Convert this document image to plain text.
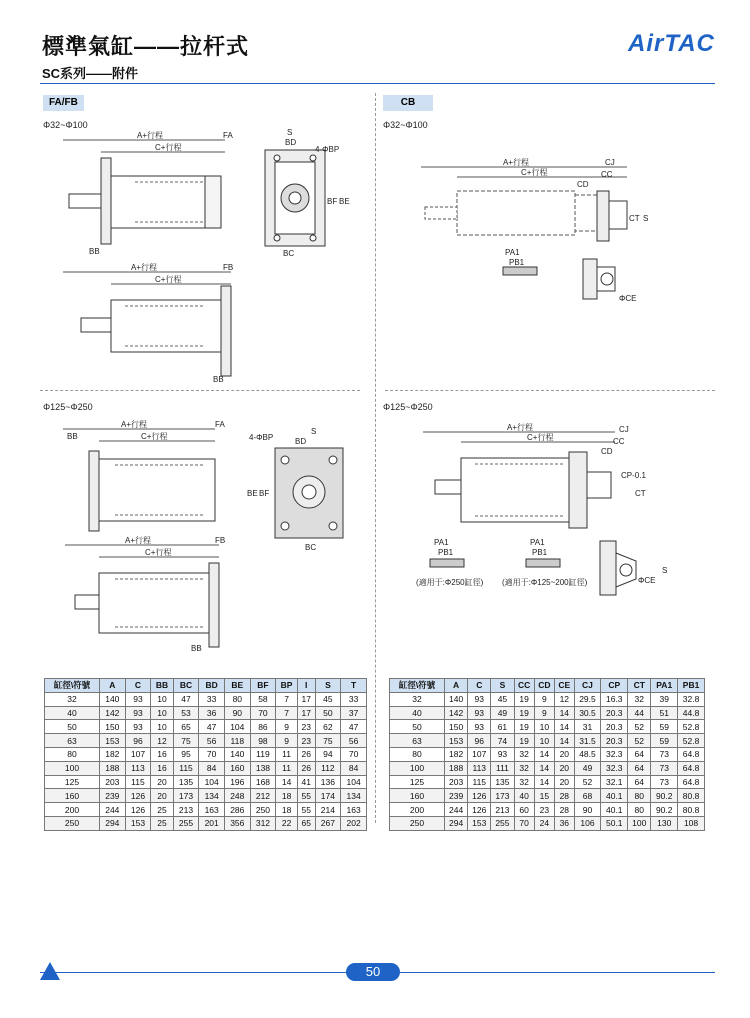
標準氣缸——拉杆式
SC系列——附件
AirTAC
FA/FB	CB
Φ32~Φ100	Φ32~Φ100
Φ125~Φ250	Φ125~Φ250
A+行程
C+行程
FA
BB
S
BD
4-ΦBP
BF BE
BC
A+行程
C+行程
FB
BB
A+行程
C+行程
CJ
CC
CD
CT S
PA1
PB1
ΦCE
BB
A+行程
C+行程
FA
4-ΦBP
S
BD
BE BF
BC
A+行程
C+行程
FB
BB
A+行程
C+行程
CJ
CC
CD
CP-0.1
CT
PA1
PB1
PA1
PB1
(適用于:Φ250缸徑) (適用于:Φ125~200缸徑)	ΦCE
S
缸徑\符號	A	C	BB	BC	BD	BE	BF	BP	I	S	T
32	140	93	10	47	33	80	58	7	17	45	33
40	142	93	10	53	36	90	70	7	17	50	37
50	150	93	10	65	47	104	86	9	23	62	47
63	153	96	12	75	56	118	98	9	23	75	56
80	182	107	16	95	70	140	119	11	26	94	70
100	188	113	16	115	84	160	138	11	26	112	84
125	203	115	20	135	104	196	168	14	41	136	104
160	239	126	20	173	134	248	212	18	55	174	134
200	244	126	25	213	163	286	250	18	55	214	163
250	294	153	25	255	201	356	312	22	65	267	202
缸徑\符號	A	C	S	CC	CD	CE	CJ	CP	CT	PA1	PB1
32	140	93	45	19	9	12	29.5	16.3	32	39	32.8
40	142	93	49	19	9	14	30.5	20.3	44	51	44.8
50	150	93	61	19	10	14	31	20.3	52	59	52.8
63	153	96	74	19	10	14	31.5	20.3	52	59	52.8
80	182	107	93	32	14	20	48.5	32.3	64	73	64.8
100	188	113	111	32	14	20	49	32.3	64	73	64.8
125	203	115	135	32	14	20	52	32.1	64	73	64.8
160	239	126	173	40	15	28	68	40.1	80	90.2	80.8
200	244	126	213	60	23	28	90	40.1	80	90.2	80.8
250	294	153	255	70	24	36	106	50.1	100	130	108
50
